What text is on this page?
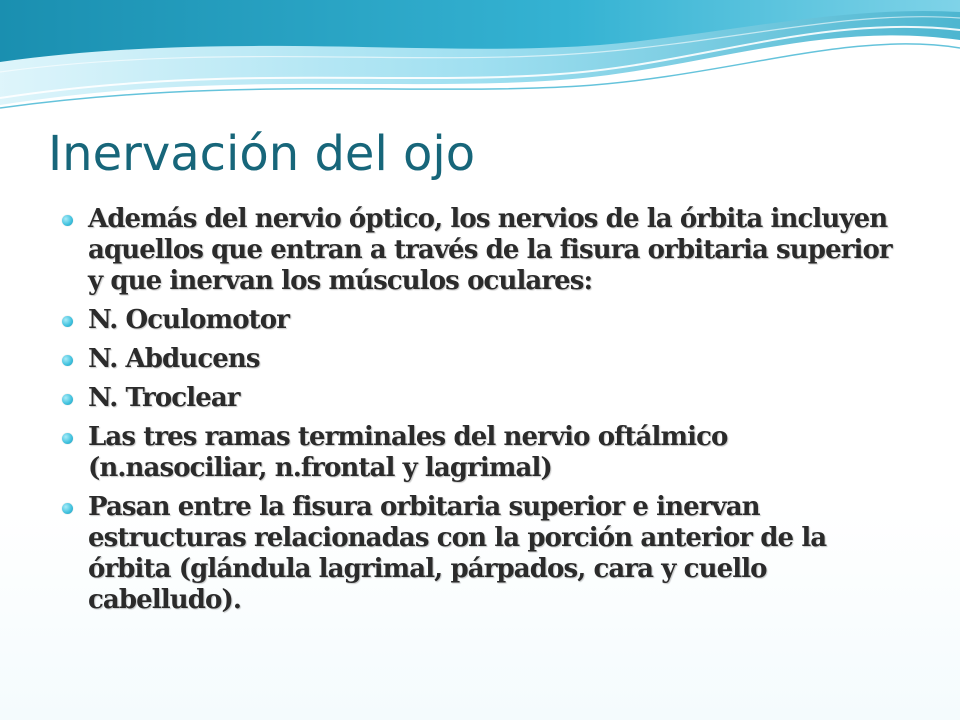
Inervación del ojo
Además del nervio óptico, los nervios de la órbita incluyen aquellos que entran a través de la fisura orbitaria superior y que inervan los músculos oculares:
N. Oculomotor
N. Abducens
N. Troclear
Las tres ramas terminales del nervio oftálmico (n.nasociliar, n.frontal y lagrimal)
Pasan entre la fisura orbitaria superior e inervan estructuras relacionadas con la porción anterior de la órbita (glándula lagrimal, párpados, cara y cuello cabelludo).
